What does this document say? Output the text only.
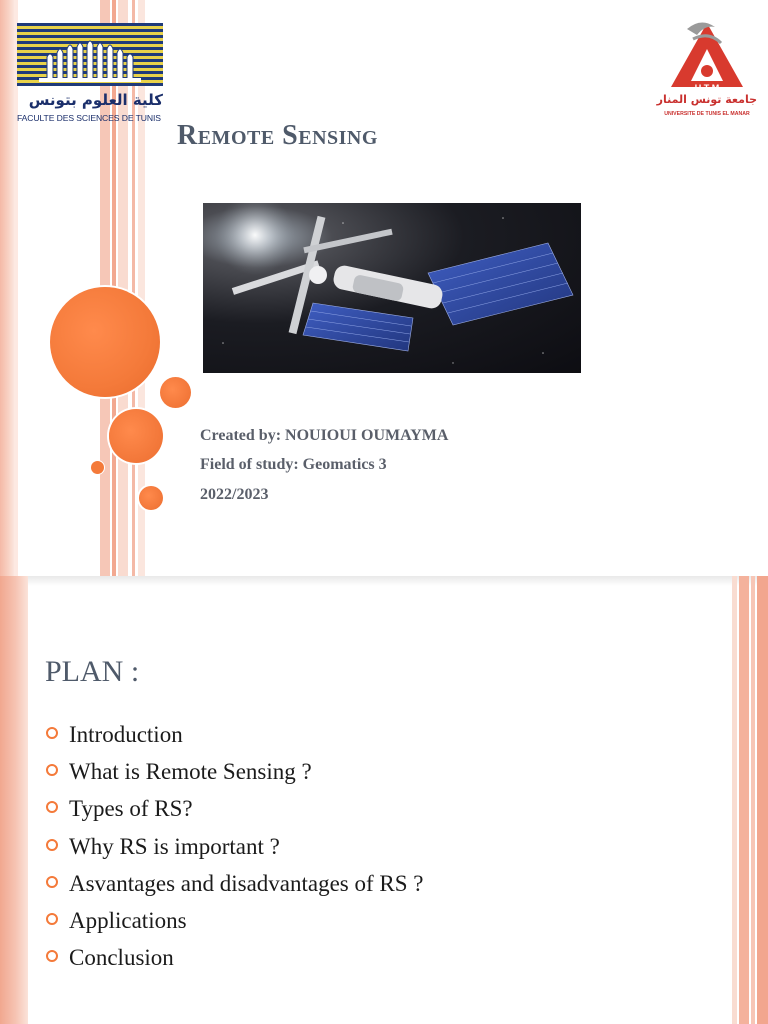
كلية العلوم بتونس
FACULTE DES SCIENCES DE TUNIS
U T M
جامعة تونس المنار
UNIVERSITE DE TUNIS EL MANAR
Remote Sensing
Created by: NOUIOUI OUMAYMA
Field of study: Geomatics 3
2022/2023
PLAN :
Introduction
What is Remote Sensing ?
Types of RS?
Why RS is important ?
Asvantages and disadvantages of RS ?
Applications
Conclusion
